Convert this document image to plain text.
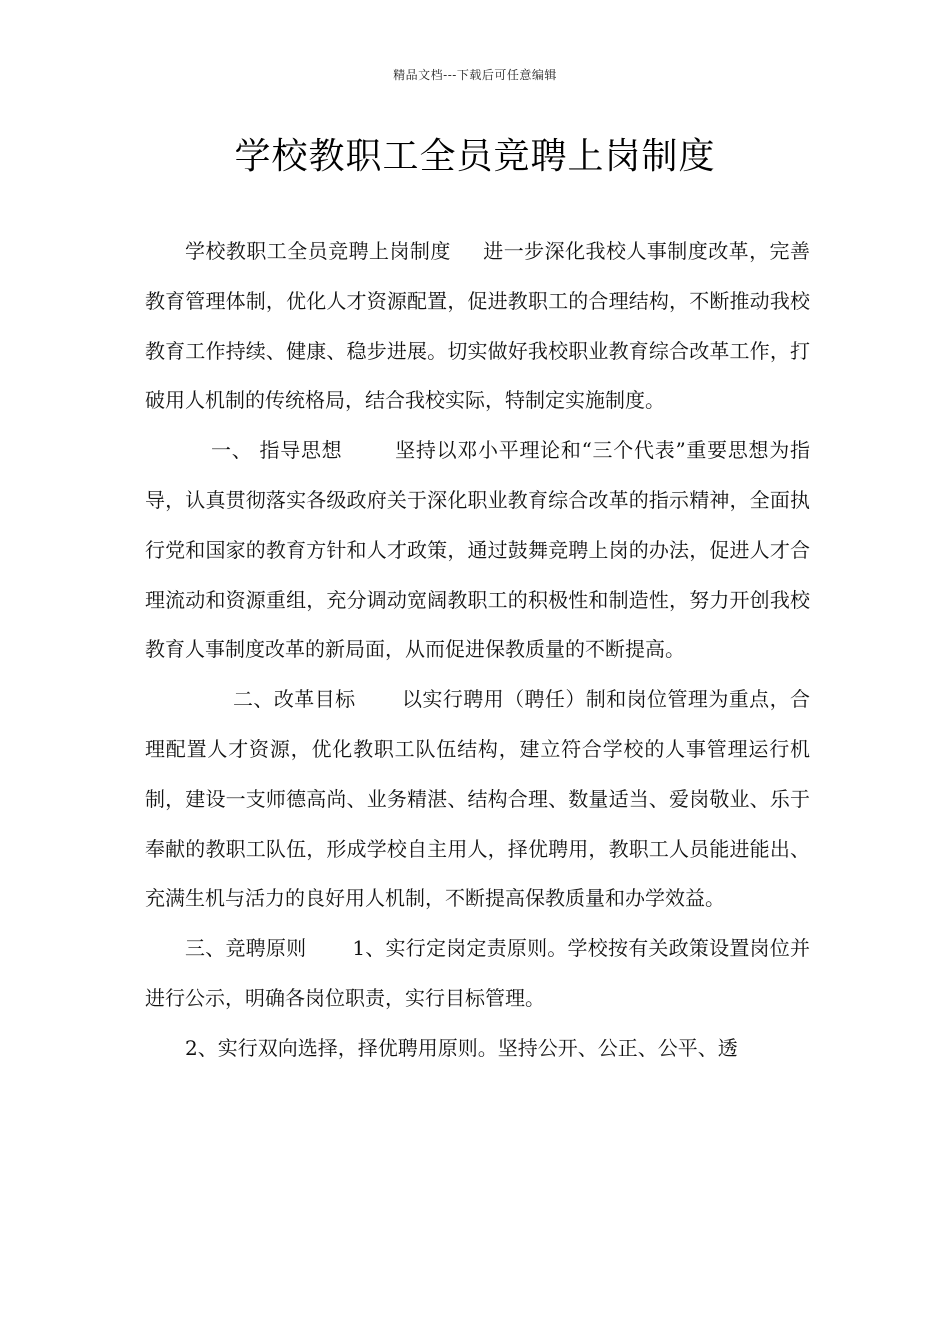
精品文档---下载后可任意编辑
学校教职工全员竞聘上岗制度

学校教职工全员竞聘上岗制度 进一步深化我校人事制度改革，完善教育管理体制，优化人才资源配置，促进教职工的合理结构，不断推动我校教育工作持续、健康、稳步进展。切实做好我校职业教育综合改革工作，打破用人机制的传统格局，结合我校实际，特制定实施制度。

一、 指导思想	坚持以邓小平理论和“三个代表”重要思想为指导，认真贯彻落实各级政府关于深化职业教育综合改革的指示精神，全面执行党和国家的教育方针和人才政策，通过鼓舞竞聘上岗的办法，促进人才合理流动和资源重组，充分调动宽阔教职工的积极性和制造性，努力开创我校教育人事制度改革的新局面，从而促进保教质量的不断提高。

二、改革目标 以实行聘用（聘任）制和岗位管理为重点，合理配置人才资源，优化教职工队伍结构，建立符合学校的人事管理运行机制，建设一支师德高尚、业务精湛、结构合理、数量适当、爱岗敬业、乐于奉献的教职工队伍，形成学校自主用人，择优聘用，教职工人员能进能出、充满生机与活力的良好用人机制，不断提高保教质量和办学效益。

三、竞聘原则 1、实行定岗定责原则。学校按有关政策设置岗位并进行公示，明确各岗位职责，实行目标管理。

2、实行双向选择，择优聘用原则。坚持公开、公正、公平、透
